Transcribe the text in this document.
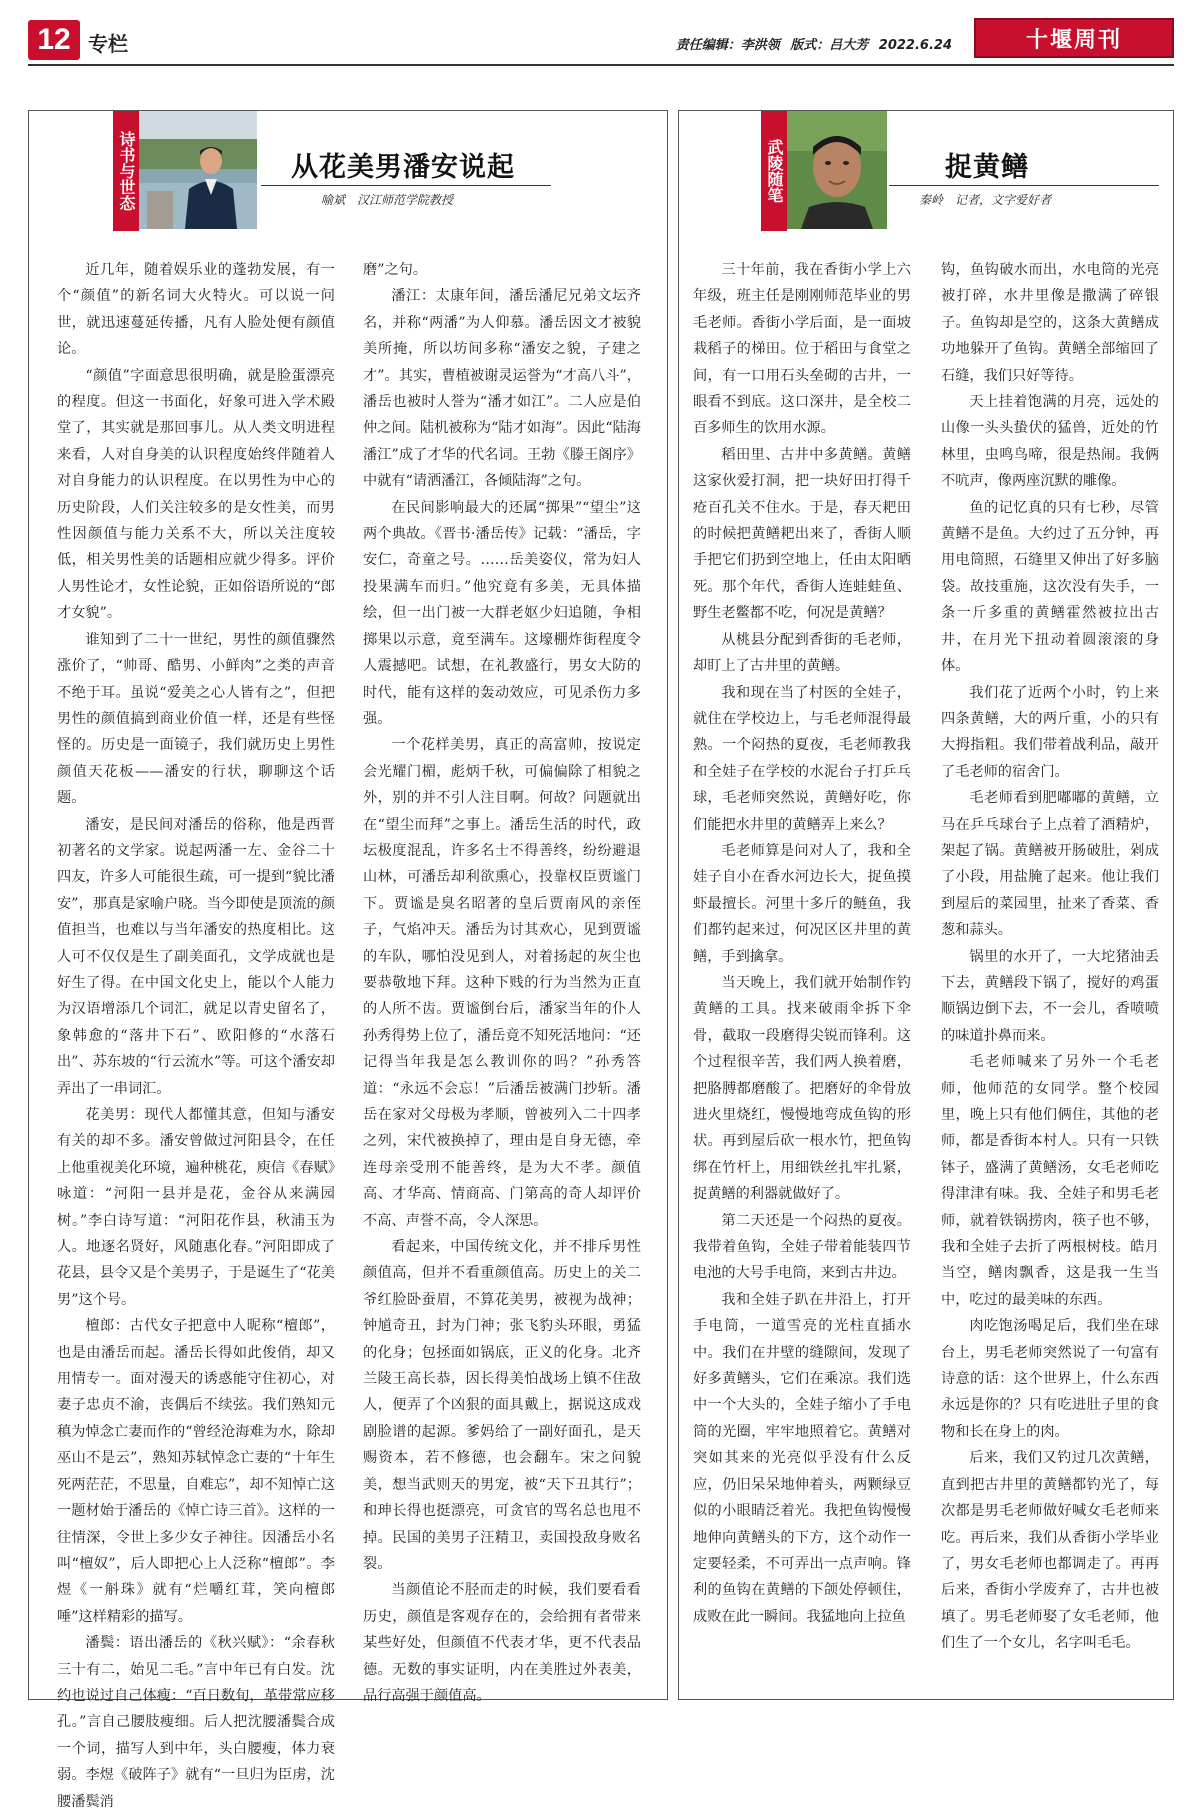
12 专栏	责任编辑：李洪领 版式：吕大芳 2022.6.24	十堰周刊
诗书与世态	从花美男潘安说起
喻斌 汉江师范学院教授

近几年，随着娱乐业的蓬勃发展，有一个“颜值”的新名词大火特火。可以说一问世，就迅速蔓延传播，凡有人脸处便有颜值论。

“颜值”字面意思很明确，就是脸蛋漂亮的程度。但这一书面化，好象可进入学术殿堂了，其实就是那回事儿。从人类文明进程来看，人对自身美的认识程度始终伴随着人对自身能力的认识程度。在以男性为中心的历史阶段，人们关注较多的是女性美，而男性因颜值与能力关系不大，所以关注度较低，相关男性美的话题相应就少得多。评价人男性论才，女性论貌，正如俗语所说的“郎才女貌”。

谁知到了二十一世纪，男性的颜值骤然涨价了，“帅哥、酷男、小鲜肉”之类的声音不绝于耳。虽说“爱美之心人皆有之”，但把男性的颜值搞到商业价值一样，还是有些怪怪的。历史是一面镜子，我们就历史上男性颜值天花板——潘安的行状，聊聊这个话题。

潘安，是民间对潘岳的俗称，他是西晋初著名的文学家。说起两潘一左、金谷二十四友，许多人可能很生疏，可一提到“貌比潘安”，那真是家喻户晓。当今即使是顶流的颜值担当，也难以与当年潘安的热度相比。这人可不仅仅是生了副美面孔，文学成就也是好生了得。在中国文化史上，能以个人能力为汉语增添几个词汇，就足以青史留名了，象韩愈的“落井下石”、欧阳修的“水落石出”、苏东坡的“行云流水”等。可这个潘安却弄出了一串词汇。

花美男：现代人都懂其意，但知与潘安有关的却不多。潘安曾做过河阳县令，在任上他重视美化环境，遍种桃花，庾信《春赋》咏道：“河阳一县并是花，金谷从来满园树。”李白诗写道：“河阳花作县，秋浦玉为人。地逐名贤好，风随惠化春。”河阳即成了花县，县令又是个美男子，于是诞生了“花美男”这个号。

檀郎：古代女子把意中人昵称“檀郎”，也是由潘岳而起。潘岳长得如此俊俏，却又用情专一。面对漫天的诱惑能守住初心，对妻子忠贞不渝，丧偶后不续弦。我们熟知元稹为悼念亡妻而作的“曾经沧海难为水，除却巫山不是云”，熟知苏轼悼念亡妻的“十年生死两茫茫，不思量，自难忘”，却不知悼亡这一题材始于潘岳的《悼亡诗三首》。这样的一往情深，令世上多少女子神往。因潘岳小名叫“檀奴”，后人即把心上人泛称“檀郎”。李煜《一斛珠》就有“烂嚼红茸，笑向檀郎唾”这样精彩的描写。

潘鬓：语出潘岳的《秋兴赋》：“余春秋三十有二，始见二毛。”言中年已有白发。沈约也说过自己体瘦：“百日数旬，革带常应移孔。”言自己腰肢瘦细。后人把沈腰潘鬓合成一个词，描写人到中年，头白腰瘦，体力衰弱。李煜《破阵子》就有“一旦归为臣虏，沈腰潘鬓消

磨”之句。

潘江：太康年间，潘岳潘尼兄弟文坛齐名，并称“两潘”为人仰慕。潘岳因文才被貌美所掩，所以坊间多称“潘安之貌，子建之才”。其实，曹植被谢灵运誉为“才高八斗”，潘岳也被时人誉为“潘才如江”。二人应是伯仲之间。陆机被称为“陆才如海”。因此“陆海潘江”成了才华的代名词。王勃《滕王阁序》中就有“请洒潘江，各倾陆海”之句。

在民间影响最大的还属“掷果”“望尘”这两个典故。《晋书·潘岳传》记载：“潘岳，字安仁，奇童之号。……岳美姿仪，常为妇人投果满车而归。”他究竟有多美，无具体描绘，但一出门被一大群老妪少妇追随，争相掷果以示意，竟至满车。这壕棚炸街程度令人震撼吧。试想，在礼教盛行，男女大防的时代，能有这样的轰动效应，可见杀伤力多强。

一个花样美男，真正的高富帅，按说定会光耀门楣，彪炳千秋，可偏偏除了相貌之外，别的并不引人注目啊。何故？问题就出在“望尘而拜”之事上。潘岳生活的时代，政坛极度混乱，许多名士不得善终，纷纷避退山林，可潘岳却利欲熏心，投靠权臣贾谧门下。贾谧是臭名昭著的皇后贾南风的亲侄子，气焰冲天。潘岳为讨其欢心，见到贾谧的车队，哪怕没见到人，对着扬起的灰尘也要恭敬地下拜。这种下贱的行为当然为正直的人所不齿。贾谧倒台后，潘家当年的仆人孙秀得势上位了，潘岳竟不知死活地问：“还记得当年我是怎么教训你的吗？”孙秀答道：“永远不会忘！”后潘岳被满门抄斩。潘岳在家对父母极为孝顺，曾被列入二十四孝之列，宋代被换掉了，理由是自身无德，牵连母亲受刑不能善终，是为大不孝。颜值高、才华高、情商高、门第高的奇人却评价不高、声誉不高，令人深思。

看起来，中国传统文化，并不排斥男性颜值高，但并不看重颜值高。历史上的关二爷红脸卧蚕眉，不算花美男，被视为战神；钟馗奇丑，封为门神；张飞豹头环眼，勇猛的化身；包拯面如锅底，正义的化身。北齐兰陵王高长恭，因长得美怕战场上镇不住敌人，便弄了个凶狠的面具戴上，据说这成戏剧脸谱的起源。爹妈给了一副好面孔，是天赐资本，若不修德，也会翻车。宋之问貌美，想当武则天的男宠，被“天下丑其行”；和珅长得也挺漂亮，可贪官的骂名总也甩不掉。民国的美男子汪精卫，卖国投敌身败名裂。

当颜值论不胫而走的时候，我们要看看历史，颜值是客观存在的，会给拥有者带来某些好处，但颜值不代表才华，更不代表品德。无数的事实证明，内在美胜过外表美，品行高强于颜值高。

武陵随笔	捉黄鳝
秦岭 记者，文字爱好者

三十年前，我在香街小学上六年级，班主任是刚刚师范毕业的男毛老师。香街小学后面，是一面坡栽稻子的梯田。位于稻田与食堂之间，有一口用石头垒砌的古井，一眼看不到底。这口深井，是全校二百多师生的饮用水源。

稻田里、古井中多黄鳝。黄鳝这家伙爱打洞，把一块好田打得千疮百孔关不住水。于是，春天耙田的时候把黄鳝耙出来了，香街人顺手把它们扔到空地上，任由太阳晒死。那个年代，香街人连蛙蛙鱼、野生老鳖都不吃，何况是黄鳝？

从桃县分配到香街的毛老师，却盯上了古井里的黄鳝。

我和现在当了村医的全娃子，就住在学校边上，与毛老师混得最熟。一个闷热的夏夜，毛老师教我和全娃子在学校的水泥台子打乒乓球，毛老师突然说，黄鳝好吃，你们能把水井里的黄鳝弄上来么？

毛老师算是问对人了，我和全娃子自小在香水河边长大，捉鱼摸虾最擅长。河里十多斤的鲢鱼，我们都钓起来过，何况区区井里的黄鳝，手到擒拿。

当天晚上，我们就开始制作钓黄鳝的工具。找来破雨伞拆下伞骨，截取一段磨得尖锐而锋利。这个过程很辛苦，我们两人换着磨，把胳膊都磨酸了。把磨好的伞骨放进火里烧红，慢慢地弯成鱼钩的形状。再到屋后砍一根水竹，把鱼钩绑在竹杆上，用细铁丝扎牢扎紧，捉黄鳝的利器就做好了。

第二天还是一个闷热的夏夜。我带着鱼钩，全娃子带着能装四节电池的大号手电筒，来到古井边。

我和全娃子趴在井沿上，打开手电筒，一道雪亮的光柱直插水中。我们在井壁的缝隙间，发现了好多黄鳝头，它们在乘凉。我们选中一个大头的，全娃子缩小了手电筒的光圈，牢牢地照着它。黄鳝对突如其来的光亮似乎没有什么反应，仍旧呆呆地伸着头，两颗绿豆似的小眼睛泛着光。我把鱼钩慢慢地伸向黄鳝头的下方，这个动作一定要轻柔，不可弄出一点声响。锋利的鱼钩在黄鳝的下颌处停顿住，成败在此一瞬间。我猛地向上拉鱼

钩，鱼钩破水而出，水电筒的光亮被打碎，水井里像是撒满了碎银子。鱼钩却是空的，这条大黄鳝成功地躲开了鱼钩。黄鳝全部缩回了石缝，我们只好等待。

天上挂着饱满的月亮，远处的山像一头头蛰伏的猛兽，近处的竹林里，虫鸣鸟啼，很是热闹。我俩不吭声，像两座沉默的雕像。

鱼的记忆真的只有七秒，尽管黄鳝不是鱼。大约过了五分钟，再用电筒照，石缝里又伸出了好多脑袋。故技重施，这次没有失手，一条一斤多重的黄鳝霍然被拉出古井，在月光下扭动着圆滚滚的身体。

我们花了近两个小时，钓上来四条黄鳝，大的两斤重，小的只有大拇指粗。我们带着战利品，敲开了毛老师的宿舍门。

毛老师看到肥嘟嘟的黄鳝，立马在乒乓球台子上点着了酒精炉，架起了锅。黄鳝被开肠破肚，剁成了小段，用盐腌了起来。他让我们到屋后的菜园里，扯来了香菜、香葱和蒜头。

锅里的水开了，一大坨猪油丢下去，黄鳝段下锅了，搅好的鸡蛋顺锅边倒下去，不一会儿，香喷喷的味道扑鼻而来。

毛老师喊来了另外一个毛老师，他师范的女同学。整个校园里，晚上只有他们俩住，其他的老师，都是香街本村人。只有一只铁钵子，盛满了黄鳝汤，女毛老师吃得津津有味。我、全娃子和男毛老师，就着铁锅捞肉，筷子也不够，我和全娃子去折了两根树枝。皓月当空，鳝肉飘香，这是我一生当中，吃过的最美味的东西。

肉吃饱汤喝足后，我们坐在球台上，男毛老师突然说了一句富有诗意的话：这个世界上，什么东西永远是你的？只有吃进肚子里的食物和长在身上的肉。

后来，我们又钓过几次黄鳝，直到把古井里的黄鳝都钓光了，每次都是男毛老师做好喊女毛老师来吃。再后来，我们从香街小学毕业了，男女毛老师也都调走了。再再后来，香街小学废弃了，古井也被填了。男毛老师娶了女毛老师，他们生了一个女儿，名字叫毛毛。
